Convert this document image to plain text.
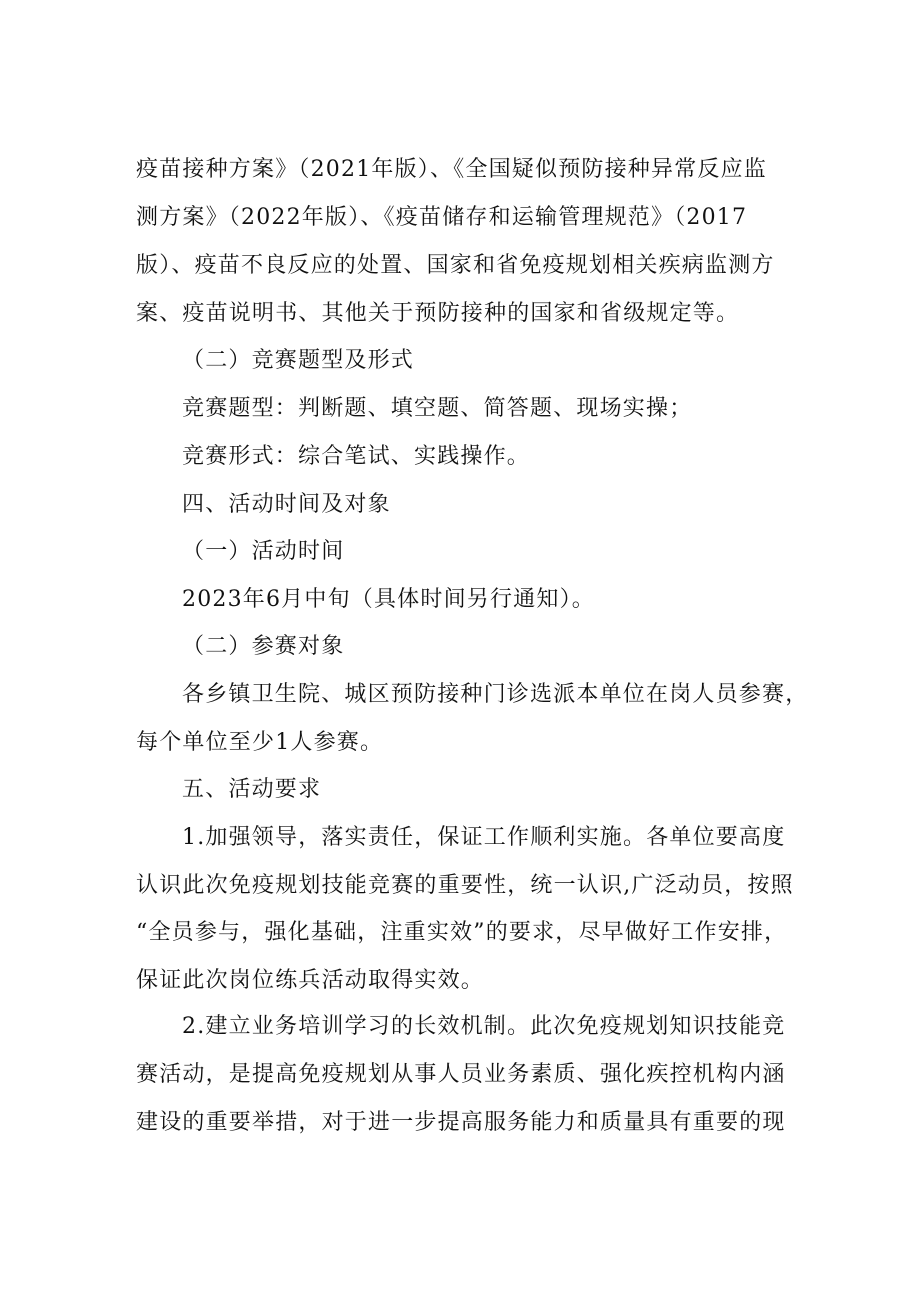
疫苗接种方案》（2021年版）、《全国疑似预防接种异常反应监
测方案》（2022年版）、《疫苗储存和运输管理规范》（2017
版）、疫苗不良反应的处置、国家和省免疫规划相关疾病监测方
案、疫苗说明书、其他关于预防接种的国家和省级规定等。
（二）竞赛题型及形式
竞赛题型：判断题、填空题、简答题、现场实操；
竞赛形式：综合笔试、实践操作。
四、活动时间及对象
（一）活动时间
2023年6月中旬（具体时间另行通知）。
（二）参赛对象
各乡镇卫生院、城区预防接种门诊选派本单位在岗人员参赛，
每个单位至少1人参赛。
五、活动要求
1.加强领导，落实责任，保证工作顺利实施。各单位要高度
认识此次免疫规划技能竞赛的重要性，统一认识,广泛动员，按照
“全员参与，强化基础，注重实效”的要求，尽早做好工作安排，
保证此次岗位练兵活动取得实效。
2.建立业务培训学习的长效机制。此次免疫规划知识技能竞
赛活动，是提高免疫规划从事人员业务素质、强化疾控机构内涵
建设的重要举措，对于进一步提高服务能力和质量具有重要的现
